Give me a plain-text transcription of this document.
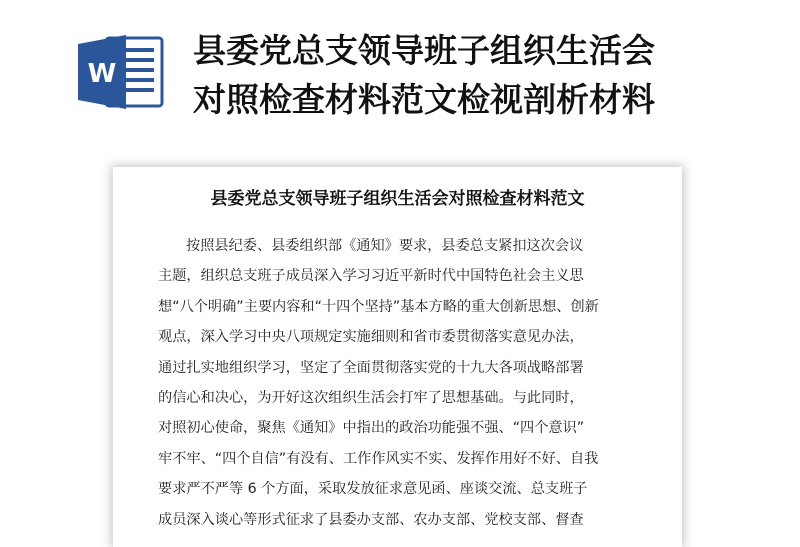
W
县委党总支领导班子组织生活会
对照检查材料范文检视剖析材料
县委党总支领导班子组织生活会对照检查材料范文
按照县纪委、县委组织部《通知》要求，县委总支紧扣这次会议
主题，组织总支班子成员深入学习习近平新时代中国特色社会主义思
想“八个明确”主要内容和“十四个坚持”基本方略的重大创新思想、创新
观点，深入学习中央八项规定实施细则和省市委贯彻落实意见办法，
通过扎实地组织学习，坚定了全面贯彻落实党的十九大各项战略部署
的信心和决心，为开好这次组织生活会打牢了思想基础。与此同时，
对照初心使命，聚焦《通知》中指出的政治功能强不强、“四个意识”
牢不牢、“四个自信”有没有、工作作风实不实、发挥作用好不好、自我
要求严不严等 6 个方面，采取发放征求意见函、座谈交流、总支班子
成员深入谈心等形式征求了县委办支部、农办支部、党校支部、督查
